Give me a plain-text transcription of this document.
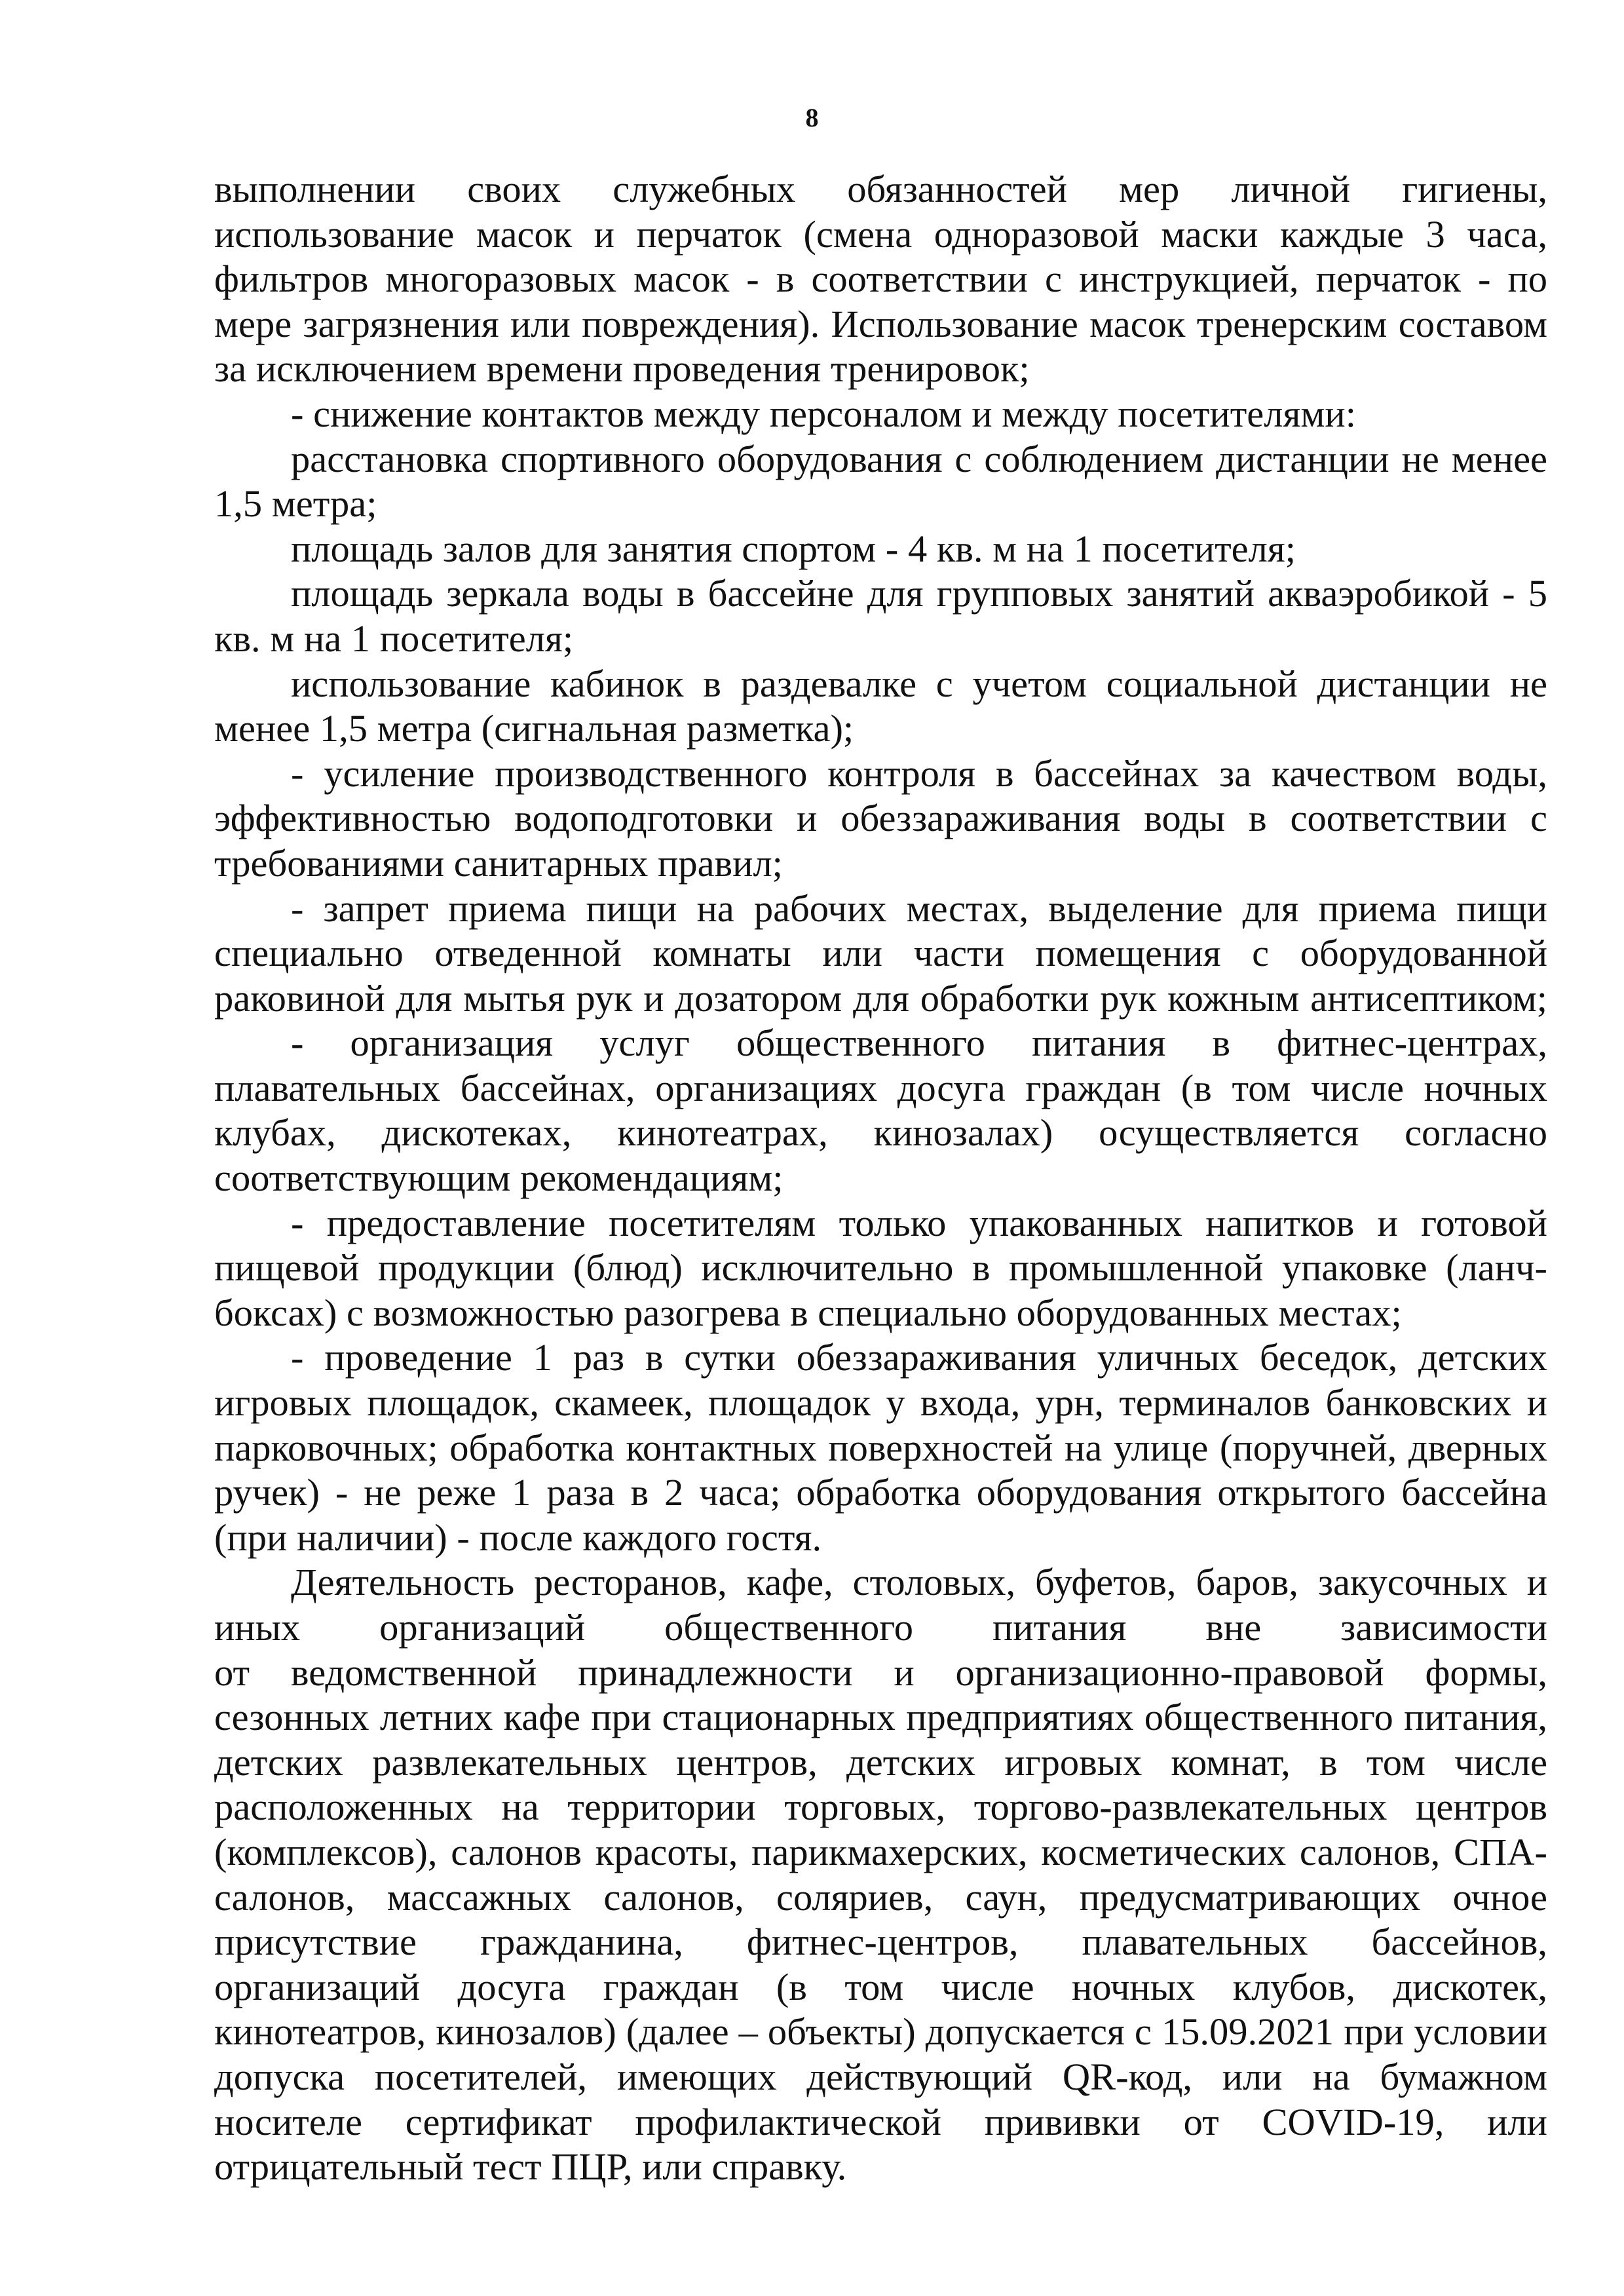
8
выполнении своих служебных обязанностей мер личной гигиены,
использование масок и перчаток (смена одноразовой маски каждые 3 часа,
фильтров многоразовых масок - в соответствии с инструкцией, перчаток - по
мере загрязнения или повреждения). Использование масок тренерским составом
за исключением времени проведения тренировок;
- снижение контактов между персоналом и между посетителями:
расстановка спортивного оборудования с соблюдением дистанции не менее
1,5 метра;
площадь залов для занятия спортом - 4 кв. м на 1 посетителя;
площадь зеркала воды в бассейне для групповых занятий акваэробикой - 5
кв. м на 1 посетителя;
использование кабинок в раздевалке с учетом социальной дистанции не
менее 1,5 метра (сигнальная разметка);
- усиление производственного контроля в бассейнах за качеством воды,
эффективностью водоподготовки и обеззараживания воды в соответствии с
требованиями санитарных правил;
- запрет приема пищи на рабочих местах, выделение для приема пищи
специально отведенной комнаты или части помещения с оборудованной
раковиной для мытья рук и дозатором для обработки рук кожным антисептиком;
- организация услуг общественного питания в фитнес-центрах,
плавательных бассейнах, организациях досуга граждан (в том числе ночных
клубах, дискотеках, кинотеатрах, кинозалах) осуществляется согласно
соответствующим рекомендациям;
- предоставление посетителям только упакованных напитков и готовой
пищевой продукции (блюд) исключительно в промышленной упаковке (ланч-
боксах) с возможностью разогрева в специально оборудованных местах;
- проведение 1 раз в сутки обеззараживания уличных беседок, детских
игровых площадок, скамеек, площадок у входа, урн, терминалов банковских и
парковочных; обработка контактных поверхностей на улице (поручней, дверных
ручек) - не реже 1 раза в 2 часа; обработка оборудования открытого бассейна
(при наличии) - после каждого гостя.
Деятельность ресторанов, кафе, столовых, буфетов, баров, закусочных и
иных организаций общественного питания вне зависимости
от ведомственной принадлежности и организационно-правовой формы,
сезонных летних кафе при стационарных предприятиях общественного питания,
детских развлекательных центров, детских игровых комнат, в том числе
расположенных на территории торговых, торгово-развлекательных центров
(комплексов), салонов красоты, парикмахерских, косметических салонов, СПА-
салонов, массажных салонов, соляриев, саун, предусматривающих очное
присутствие гражданина, фитнес-центров, плавательных бассейнов,
организаций досуга граждан (в том числе ночных клубов, дискотек,
кинотеатров, кинозалов) (далее – объекты) допускается с 15.09.2021 при условии
допуска посетителей, имеющих действующий QR-код, или на бумажном
носителе сертификат профилактической прививки от COVID-19, или
отрицательный тест ПЦР, или справку.
